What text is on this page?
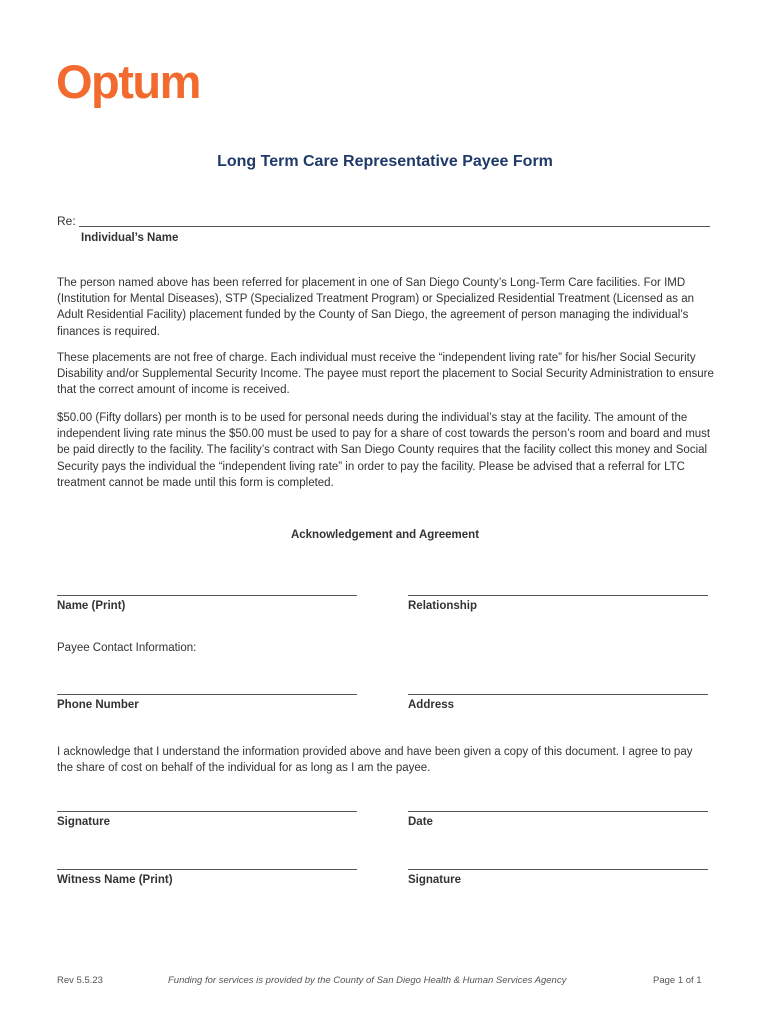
Optum
Long Term Care Representative Payee Form
Re:
Individual’s Name
The person named above has been referred for placement in one of San Diego County’s Long-Term Care facilities. For IMD (Institution for Mental Diseases), STP (Specialized Treatment Program) or Specialized Residential Treatment (Licensed as an Adult Residential Facility) placement funded by the County of San Diego, the agreement of person managing the individual’s finances is required.
These placements are not free of charge. Each individual must receive the “independent living rate” for his/her Social Security Disability and/or Supplemental Security Income. The payee must report the placement to Social Security Administration to ensure that the correct amount of income is received.
$50.00 (Fifty dollars) per month is to be used for personal needs during the individual’s stay at the facility. The amount of the independent living rate minus the $50.00 must be used to pay for a share of cost towards the person’s room and board and must be paid directly to the facility. The facility’s contract with San Diego County requires that the facility collect this money and Social Security pays the individual the “independent living rate” in order to pay the facility. Please be advised that a referral for LTC treatment cannot be made until this form is completed.
Acknowledgement and Agreement
Name (Print)	Relationship
Payee Contact Information:
Phone Number	Address
I acknowledge that I understand the information provided above and have been given a copy of this document. I agree to pay the share of cost on behalf of the individual for as long as I am the payee.
Signature	Date
Witness Name (Print)	Signature
Rev 5.5.23	Funding for services is provided by the County of San Diego Health & Human Services Agency	Page 1 of 1
